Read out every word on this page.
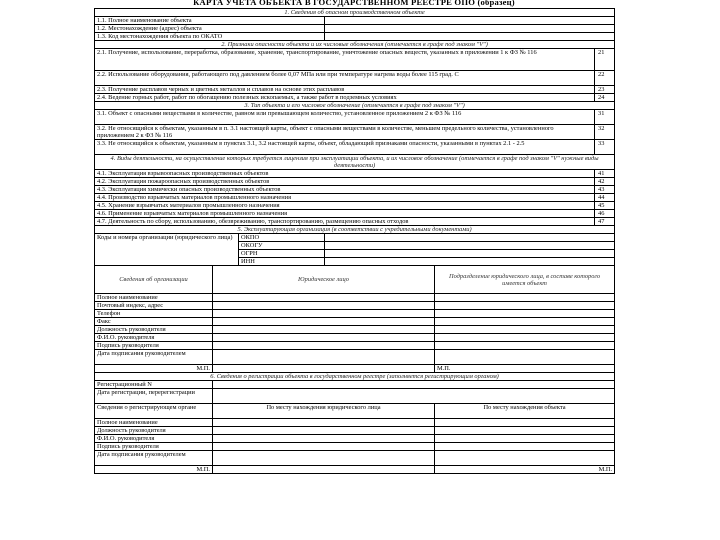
КАРТА УЧЕТА ОБЪЕКТА В ГОСУДАРСТВЕННОМ РЕЕСТРЕ ОПО (образец)
1. Сведения об опасном производственном объекте					
1.1. Полное наименование объекта					
1.2. Местонахождение (адрес) объекта					
1.3. Код местонахождения объекта по ОКАТО					
2. Признаки опасности объекта и их числовые обозначения (отмечается в графе под знаком "V")					
2.1. Получение, использование, переработка, образование, хранение, транспортирование, уничтожение опасных веществ, указанных в приложении 1 к ФЗ № 116					21
2.2. Использование оборудования, работающего под давлением более 0,07 МПа или при температуре нагрева воды более 115 град. С					22
2.3. Получение расплавов черных и цветных металлов и сплавов на основе этих расплавов					23
2.4. Ведение горных работ, работ по обогащению полезных ископаемых, а также работ в подземных условиях					24
3. Тип объекта и его числовое обозначение (отмечается в графе под знаком "V")					
3.1. Объект с опасными веществами в количестве, равном или превышающем количество, установленное приложением 2 к ФЗ № 116					31
3.2. Не относящийся к объектам, указанным в п. 3.1 настоящей карты, объект с опасными веществами в количестве, меньшем предельного количества, установленного приложением 2 к ФЗ № 116					32
3.3. Не относящийся к объектам, указанным в пунктах 3.1, 3.2 настоящей карты, объект, обладающий признаками опасности, указанными в пунктах 2.1 - 2.5					33
4. Виды деятельности, на осуществление которых требуется лицензия при эксплуатации объекта, и их числовое обозначение (отмечается в графе под знаком "V" нужные виды деятельности)					
4.1. Эксплуатация взрывоопасных производственных объектов					41
4.2. Эксплуатация пожароопасных производственных объектов					42
4.3. Эксплуатация химически опасных производственных объектов					43
4.4. Производство взрывчатых материалов промышленного назначения					44
4.5. Хранение взрывчатых материалов промышленного назначения					45
4.6. Применение взрывчатых материалов промышленного назначения					46
4.7. Деятельность по сбору, использованию, обезвреживанию, транспортированию, размещению опасных отходов					47
5. Эксплуатирующая организация (в соответствии с учредительными документами)					
Коды и номера организации (юридического лица)		ОКПО			
		ОКОГУ			
		ОГРН			
		ИНН			
Сведения об организации	Юридическое лицо			Подразделение юридического лица, в составе которого имеется объект	
Полное наименование					
Почтовый индекс, адрес					
Телефон					
Факс					
Должность руководителя					
Ф.И.О. руководителя					
Подпись руководителя					
Дата подписания руководителем					
М.П.				М.П.	
6. Сведения о регистрации объекта в государственном реестре (заполняется регистрирующим органом)					
Регистрационный N					
Дата регистрации, перерегистрации					
Сведения о регистрирующем органе	По месту нахождения юридического лица			По месту нахождения объекта	
Полное наименование					
Должность руководителя					
Ф.И.О. руководителя					
Подпись руководителя					
Дата подписания руководителем					
М.П.				М.П.	
